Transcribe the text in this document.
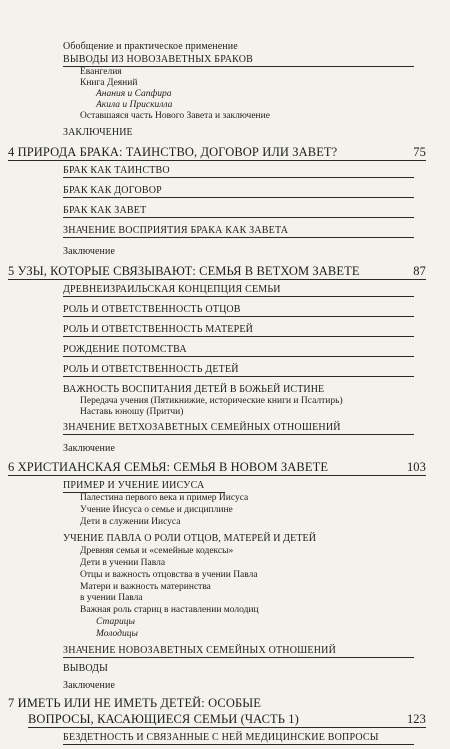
Обобщение и практическое применение
ВЫВОДЫ ИЗ НОВОЗАВЕТНЫХ БРАКОВ
Евангелия
Книга Деяний
Анания и Сапфира
Акила и Прискилла
Оставшаяся часть Нового Завета и заключение
ЗАКЛЮЧЕНИЕ
4 ПРИРОДА БРАКА: ТАИНСТВО, ДОГОВОР ИЛИ ЗАВЕТ?	75
БРАК КАК ТАИНСТВО
БРАК КАК ДОГОВОР
БРАК КАК ЗАВЕТ
ЗНАЧЕНИЕ ВОСПРИЯТИЯ БРАКА КАК ЗАВЕТА
Заключение
5 УЗЫ, КОТОРЫЕ СВЯЗЫВАЮТ: СЕМЬЯ В ВЕТХОМ ЗАВЕТЕ	87
ДРЕВНЕИЗРАИЛЬСКАЯ КОНЦЕПЦИЯ СЕМЬИ
РОЛЬ И ОТВЕТСТВЕННОСТЬ ОТЦОВ
РОЛЬ И ОТВЕТСТВЕННОСТЬ МАТЕРЕЙ
РОЖДЕНИЕ ПОТОМСТВА
РОЛЬ И ОТВЕТСТВЕННОСТЬ ДЕТЕЙ
ВАЖНОСТЬ ВОСПИТАНИЯ ДЕТЕЙ В БОЖЬЕЙ ИСТИНЕ
Передача учения (Пятикнижие, исторические книги и Псалтирь)
Наставь юношу (Притчи)
ЗНАЧЕНИЕ ВЕТХОЗАВЕТНЫХ СЕМЕЙНЫХ ОТНОШЕНИЙ
Заключение
6 ХРИСТИАНСКАЯ СЕМЬЯ: СЕМЬЯ В НОВОМ ЗАВЕТЕ	103
ПРИМЕР И УЧЕНИЕ ИИСУСА
Палестина первого века и пример Иисуса
Учение Иисуса о семье и дисциплине
Дети в служении Иисуса
УЧЕНИЕ ПАВЛА О РОЛИ ОТЦОВ, МАТЕРЕЙ И ДЕТЕЙ
Древняя семья и «семейные кодексы»
Дети в учении Павла
Отцы и важность отцовства в учении Павла
Матери и важность материнства
в учении Павла
Важная роль стариц в наставлении молодиц
Старицы
Молодицы
ЗНАЧЕНИЕ НОВОЗАВЕТНЫХ СЕМЕЙНЫХ ОТНОШЕНИЙ
ВЫВОДЫ
Заключение
7 ИМЕТЬ ИЛИ НЕ ИМЕТЬ ДЕТЕЙ: ОСОБЫЕ
ВОПРОСЫ, КАСАЮЩИЕСЯ СЕМЬИ (ЧАСТЬ 1)	123
БЕЗДЕТНОСТЬ И СВЯЗАННЫЕ С НЕЙ МЕДИЦИНСКИЕ ВОПРОСЫ
